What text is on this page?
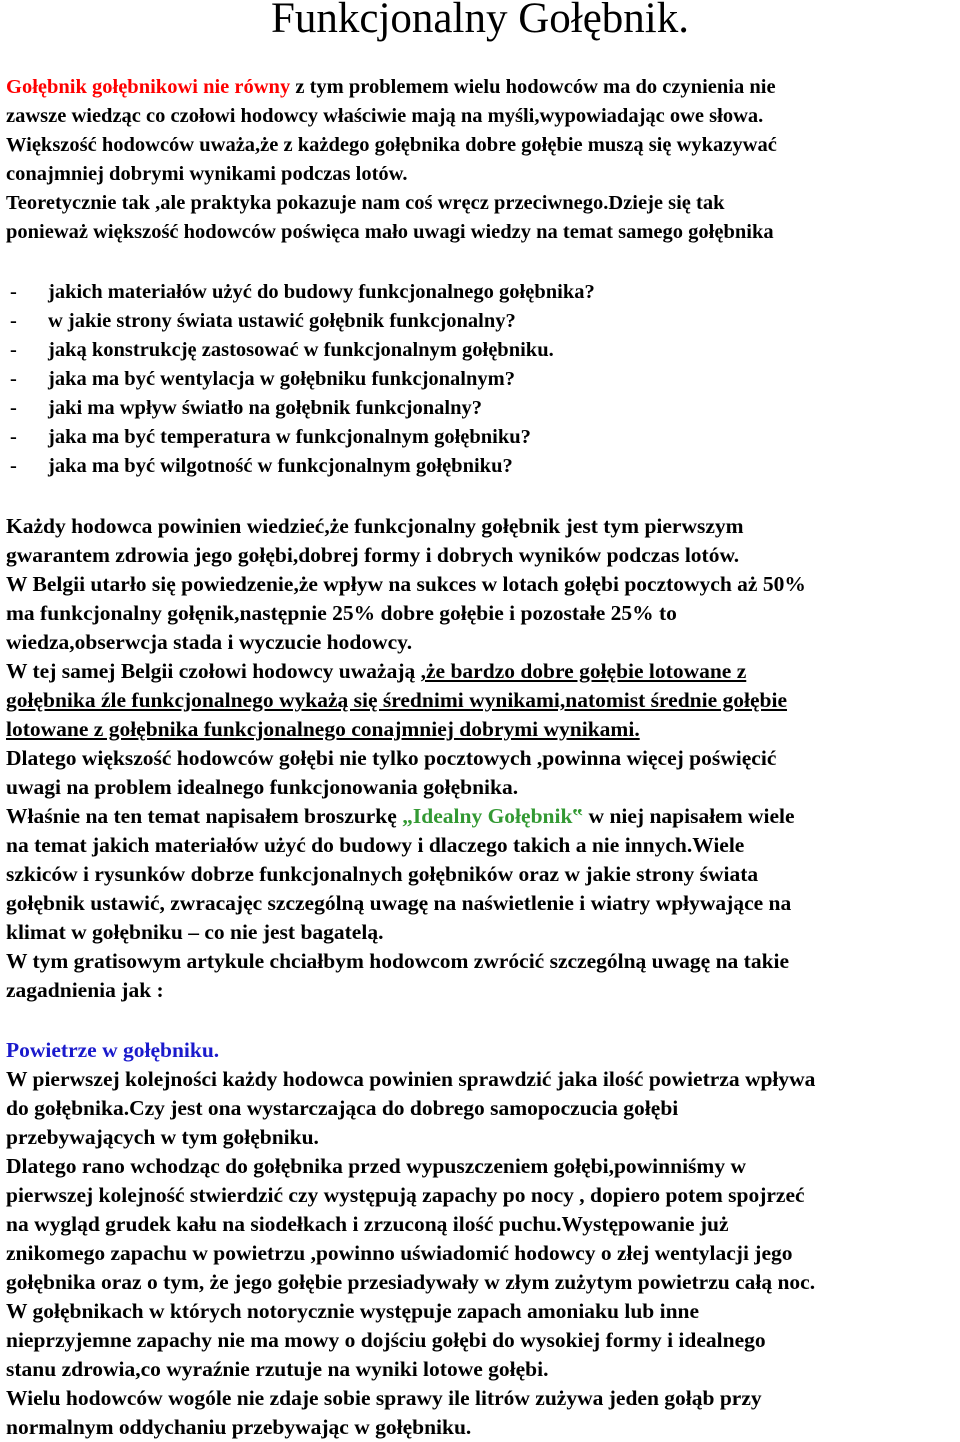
Funkcjonalny Gołębnik.
Gołębnik gołębnikowi nie równy z tym problemem wielu hodowców ma do czynienia nie
zawsze wiedząc co czołowi hodowcy właściwie mają na myśli,wypowiadając owe słowa.
Większość hodowców uważa,że z każdego gołębnika dobre gołębie muszą się wykazywać
conajmniej dobrymi wynikami podczas lotów.
Teoretycznie tak ,ale praktyka pokazuje nam coś wręcz przeciwnego.Dzieje się tak
ponieważ większość hodowców poświęca mało uwagi wiedzy na temat samego gołębnika
- jakich materiałów użyć do budowy funkcjonalnego gołębnika?
- w jakie strony świata ustawić gołębnik funkcjonalny?
- jaką konstrukcję zastosować w funkcjonalnym gołębniku.
- jaka ma być wentylacja w gołębniku funkcjonalnym?
- jaki ma wpływ światło na gołębnik funkcjonalny?
- jaka ma być temperatura w funkcjonalnym gołębniku?
- jaka ma być wilgotność w funkcjonalnym gołębniku?
Każdy hodowca powinien wiedzieć,że funkcjonalny gołębnik jest tym pierwszym
gwarantem zdrowia jego gołębi,dobrej formy i dobrych wyników podczas lotów.
W Belgii utarło się powiedzenie,że wpływ na sukces w lotach gołębi pocztowych aż 50%
ma funkcjonalny gołęnik,następnie 25% dobre gołębie i pozostałe 25% to
wiedza,obserwcja stada i wyczucie hodowcy.
W tej samej Belgii czołowi hodowcy uważają ,że bardzo dobre gołębie lotowane z
gołębnika źle funkcjonalnego wykażą się średnimi wynikami,natomist średnie gołębie
lotowane z gołębnika funkcjonalnego conajmniej dobrymi wynikami.
Dlatego większość hodowców gołębi nie tylko pocztowych ,powinna więcej poświęcić
uwagi na problem idealnego funkcjonowania gołębnika.
Właśnie na ten temat napisałem broszurkę „Idealny Gołębnik‟ w niej napisałem wiele
na temat jakich materiałów użyć do budowy i dlaczego takich a nie innych.Wiele
szkiców i rysunków dobrze funkcjonalnych gołębników oraz w jakie strony świata
gołębnik ustawić, zwracajęc szczególną uwagę na naświetlenie i wiatry wpływające na
klimat w gołębniku – co nie jest bagatelą.
W tym gratisowym artykule chciałbym hodowcom zwrócić szczególną uwagę na takie
zagadnienia jak :
Powietrze w gołębniku.
W pierwszej kolejności każdy hodowca powinien sprawdzić jaka ilość powietrza wpływa
do gołębnika.Czy jest ona wystarczająca do dobrego samopoczucia gołębi
przebywających w tym gołębniku.
Dlatego rano wchodząc do gołębnika przed wypuszczeniem gołębi,powinniśmy w
pierwszej kolejność stwierdzić czy występują zapachy po nocy , dopiero potem spojrzeć
na wygląd grudek kału na siodełkach i zrzuconą ilość puchu.Występowanie już
znikomego zapachu w powietrzu ,powinno uświadomić hodowcy o złej wentylacji jego
gołębnika oraz o tym, że jego gołębie przesiadywały w złym zużytym powietrzu całą noc.
W gołębnikach w których notorycznie występuje zapach amoniaku lub inne
nieprzyjemne zapachy nie ma mowy o dojściu gołębi do wysokiej formy i idealnego
stanu zdrowia,co wyraźnie rzutuje na wyniki lotowe gołębi.
Wielu hodowców wogóle nie zdaje sobie sprawy ile litrów zużywa jeden gołąb przy
normalnym oddychaniu przebywając w gołębniku.
